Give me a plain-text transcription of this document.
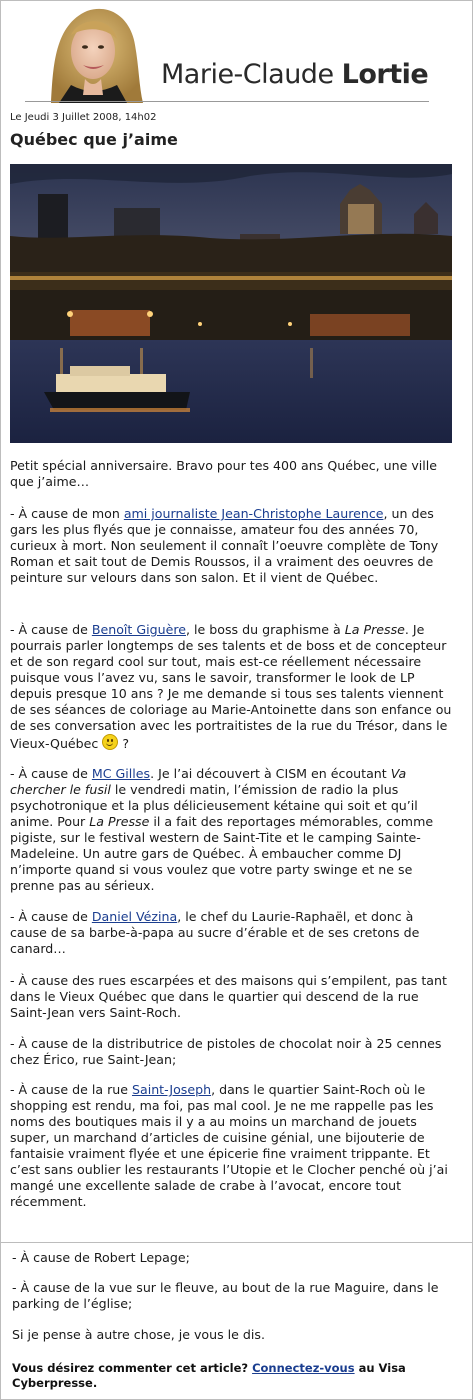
Marie-Claude Lortie
Le Jeudi 3 Juillet 2008, 14h02
Québec que j’aime

Petit spécial anniversaire. Bravo pour tes 400 ans Québec, une ville que j’aime…

- À cause de mon ami journaliste Jean-Christophe Laurence, un des gars les plus flyés que je connaisse, amateur fou des années 70, curieux à mort. Non seulement il connaît l’oeuvre complète de Tony Roman et sait tout de Demis Roussos, il a vraiment des oeuvres de peinture sur velours dans son salon. Et il vient de Québec.

- À cause de Benoît Giguère, le boss du graphisme à La Presse. Je pourrais parler longtemps de ses talents et de boss et de concepteur et de son regard cool sur tout, mais est-ce réellement nécessaire puisque vous l’avez vu, sans le savoir, transformer le look de LP depuis presque 10 ans ? Je me demande si tous ses talents viennent de ses séances de coloriage au Marie-Antoinette dans son enfance ou de ses conversation avec les portraitistes de la rue du Trésor, dans le Vieux-Québec
?

- À cause de MC Gilles. Je l’ai découvert à CISM en écoutant Va chercher le fusil le vendredi matin, l’émission de radio la plus psychotronique et la plus délicieusement kétaine qui soit et qu’il anime. Pour La Presse il a fait des reportages mémorables, comme pigiste, sur le festival western de Saint-Tite et le camping Sainte-Madeleine. Un autre gars de Québec. À embaucher comme DJ n’importe quand si vous voulez que votre party swinge et ne se prenne pas au sérieux.

- À cause de Daniel Vézina, le chef du Laurie-Raphaël, et donc à cause de sa barbe-à-papa au sucre d’érable et de ses cretons de canard…

- À cause des rues escarpées et des maisons qui s’empilent, pas tant dans le Vieux Québec que dans le quartier qui descend de la rue Saint-Jean vers Saint-Roch.

- À cause de la distributrice de pistoles de chocolat noir à 25 cennes chez Érico, rue Saint-Jean;

- À cause de la rue Saint-Joseph, dans le quartier Saint-Roch où le shopping est rendu, ma foi, pas mal cool. Je ne me rappelle pas les noms des boutiques mais il y a au moins un marchand de jouets super, un marchand d’articles de cuisine génial, une bijouterie de fantaisie vraiment flyée et une épicerie fine vraiment trippante. Et c’est sans oublier les restaurants l’Utopie et le Clocher penché où j’ai mangé une excellente salade de crabe à l’avocat, encore tout récemment.

- À cause de Robert Lepage;
- À cause de la vue sur le fleuve, au bout de la rue Maguire, dans le parking de l’église;
Si je pense à autre chose, je vous le dis.
Vous désirez commenter cet article? Connectez-vous au Visa Cyberpresse.
